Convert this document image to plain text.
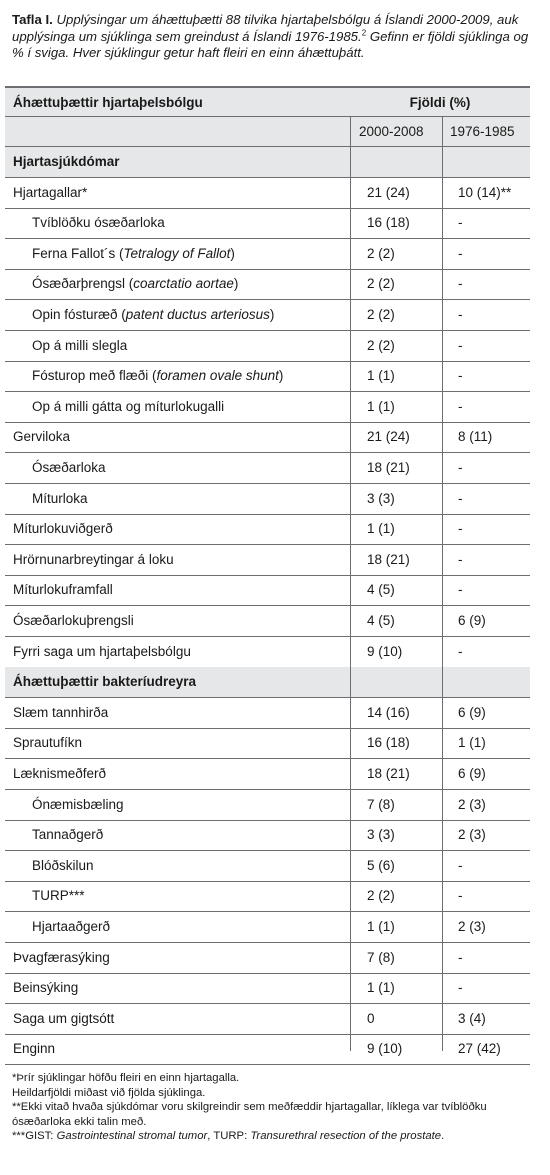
Tafla I. Upplýsingar um áhættuþætti 88 tilvika hjartaþelsbólgu á Íslandi 2000-2009, auk upplýsinga um sjúklinga sem greindust á Íslandi 1976-1985.$^2$ Gefinn er fjöldi sjúklinga og % í sviga. Hver sjúklingur getur haft fleiri en einn áhættuþátt.
Áhættuþættir hjartaþelsbólgu	Fjöldi (%)
2000-2008 1976-1985
Hjartasjúkdómar
Hjartagallar*	21 (24)	10 (14)**
Tvíblöðku ósæðarloka	16 (18)	-
Ferna Fallot´s (Tetralogy of Fallot)	2 (2)	-
Ósæðarþrengsl (coarctatio aortae)	2 (2)	-
Opin fósturæð (patent ductus arteriosus)	2 (2)	-
Op á milli slegla	2 (2)	-
Fósturop með flæði (foramen ovale shunt)	1 (1)	-
Op á milli gátta og míturlokugalli	1 (1)	-
Gerviloka	21 (24)	8 (11)
Ósæðarloka	18 (21)	-
Míturloka	3 (3)	-
Míturlokuviðgerð	1 (1)	-
Hrörnunarbreytingar á loku	18 (21)	-
Míturlokuframfall	4 (5)	-
Ósæðarlokuþrengsli	4 (5)	6 (9)
Fyrri saga um hjartaþelsbólgu	9 (10)	-
Áhættuþættir bakteríudreyra
Slæm tannhirða	14 (16)	6 (9)
Sprautufíkn	16 (18)	1 (1)
Læknismeðferð	18 (21)	6 (9)
Ónæmisbæling	7 (8)	2 (3)
Tannaðgerð	3 (3)	2 (3)
Blóðskilun	5 (6)	-
TURP***	2 (2)	-
Hjartaaðgerð	1 (1)	2 (3)
Þvagfærasýking	7 (8)	-
Beinsýking	1 (1)	-
Saga um gigtsótt	0	3 (4)
Enginn	9 (10)	27 (42)

*Þrír sjúklingar höfðu fleiri en einn hjartagalla.

Heildarfjöldi miðast við fjölda sjúklinga.

**Ekki vitað hvaða sjúkdómar voru skilgreindir sem meðfæddir hjartagallar, líklega var tvíblöðku ósæðarloka ekki talin með.

***GIST: Gastrointestinal stromal tumor, TURP: Transurethral resection of the prostate.
